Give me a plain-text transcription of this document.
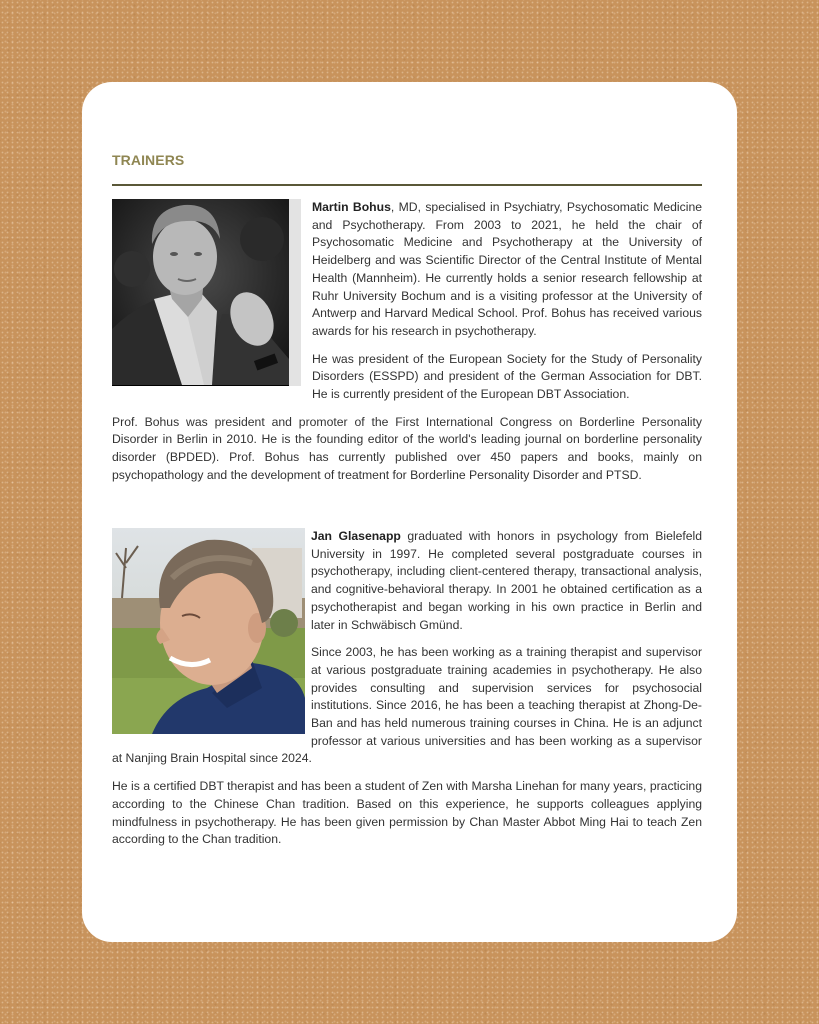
TRAINERS

Martin Bohus, MD, specialised in Psychiatry, Psychosomatic Medicine and Psychotherapy. From 2003 to 2021, he held the chair of Psychosomatic Medicine and Psychotherapy at the University of Heidelberg and was Scientific Director of the Central Institute of Mental Health (Mannheim). He currently holds a senior research fellowship at Ruhr University Bochum and is a visiting professor at the University of Antwerp and Harvard Medical School. Prof. Bohus has received various awards for his research in psychotherapy.

He was president of the European Society for the Study of Personality Disorders (ESSPD) and president of the German Association for DBT. He is currently president of the European DBT Association.

Prof. Bohus was president and promoter of the First International Congress on Borderline Personality Disorder in Berlin in 2010. He is the founding editor of the world's leading journal on borderline personality disorder (BPDED). Prof. Bohus has currently published over 450 papers and books, mainly on psychopathology and the development of treatment for Borderline Personality Disorder and PTSD.

Jan Glasenapp graduated with honors in psychology from Bielefeld University in 1997. He completed several postgraduate courses in psychotherapy, including client-centered therapy, transactional analysis, and cognitive-behavioral therapy. In 2001 he obtained certification as a psychotherapist and began working in his own practice in Berlin and later in Schwäbisch Gmünd.

Since 2003, he has been working as a training therapist and supervisor at various postgraduate training academies in psychotherapy. He also provides consulting and supervision services for psychosocial institutions. Since 2016, he has been a teaching therapist at Zhong-De-Ban and has held numerous training courses in China. He is an adjunct professor at various universities and has been working as a supervisor at Nanjing Brain Hospital since 2024.

He is a certified DBT therapist and has been a student of Zen with Marsha Linehan for many years, practicing according to the Chinese Chan tradition. Based on this experience, he supports colleagues applying mindfulness in psychotherapy. He has been given permission by Chan Master Abbot Ming Hai to teach Zen according to the Chan tradition.
